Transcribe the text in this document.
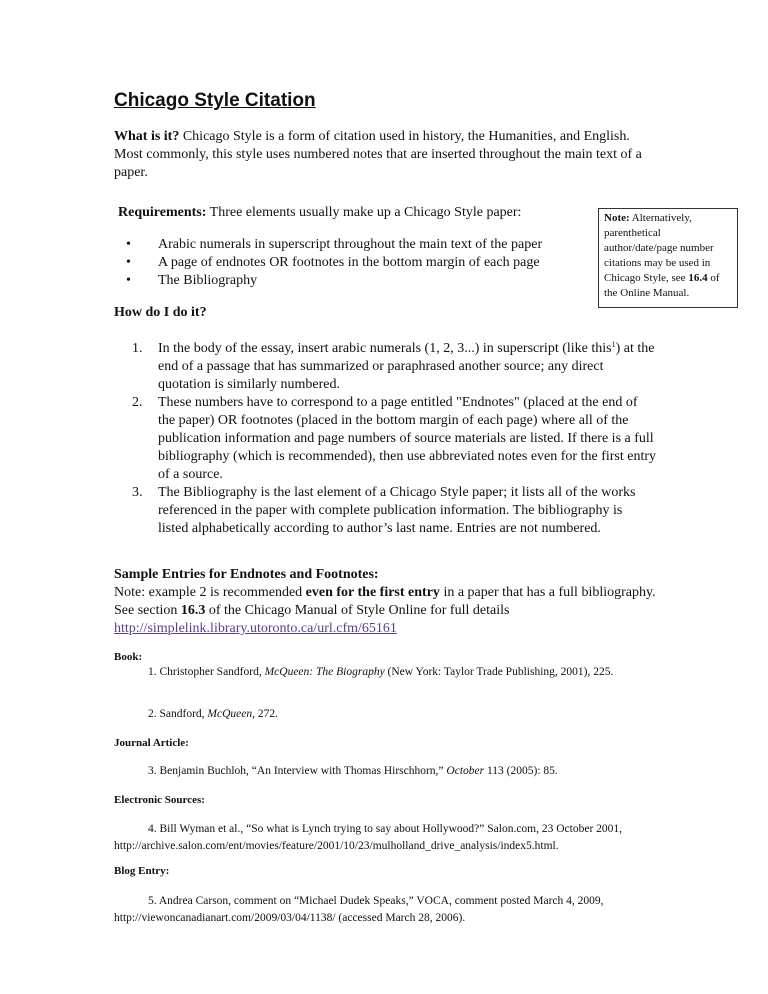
Chicago Style Citation
What is it? Chicago Style is a form of citation used in history, the Humanities, and English. Most commonly, this style uses numbered notes that are inserted throughout the main text of a paper.
Requirements: Three elements usually make up a Chicago Style paper:
•	Arabic numerals in superscript throughout the main text of the paper
•	A page of endnotes OR footnotes in the bottom margin of each page
•	The Bibliography
Note: Alternatively, parenthetical author/date/page number citations may be used in Chicago Style, see 16.4 of the Online Manual.
How do I do it?
1.	In the body of the essay, insert arabic numerals (1, 2, 3...) in superscript (like this$^1$) at the end of a passage that has summarized or paraphrased another source; any direct quotation is similarly numbered.
2.	These numbers have to correspond to a page entitled "Endnotes" (placed at the end of the paper) OR footnotes (placed in the bottom margin of each page) where all of the publication information and page numbers of source materials are listed. If there is a full bibliography (which is recommended), then use abbreviated notes even for the first entry of a source.
3.	The Bibliography is the last element of a Chicago Style paper; it lists all of the works referenced in the paper with complete publication information. The bibliography is listed alphabetically according to author’s last name. Entries are not numbered.
Sample Entries for Endnotes and Footnotes:
Note: example 2 is recommended even for the first entry in a paper that has a full bibliography. See section 16.3 of the Chicago Manual of Style Online for full details
http://simplelink.library.utoronto.ca/url.cfm/65161
Book:
1. Christopher Sandford, McQueen: The Biography (New York: Taylor Trade Publishing, 2001), 225.
2. Sandford, McQueen, 272.
Journal Article:
3. Benjamin Buchloh, “An Interview with Thomas Hirschhorn,” October 113 (2005): 85.
Electronic Sources:
4. Bill Wyman et al., “So what is Lynch trying to say about Hollywood?” Salon.com, 23 October 2001, http://archive.salon.com/ent/movies/feature/2001/10/23/mulholland_drive_analysis/index5.html.
Blog Entry:
5. Andrea Carson, comment on “Michael Dudek Speaks,” VOCA, comment posted March 4, 2009, http://viewoncanadianart.com/2009/03/04/1138/ (accessed March 28, 2006).
